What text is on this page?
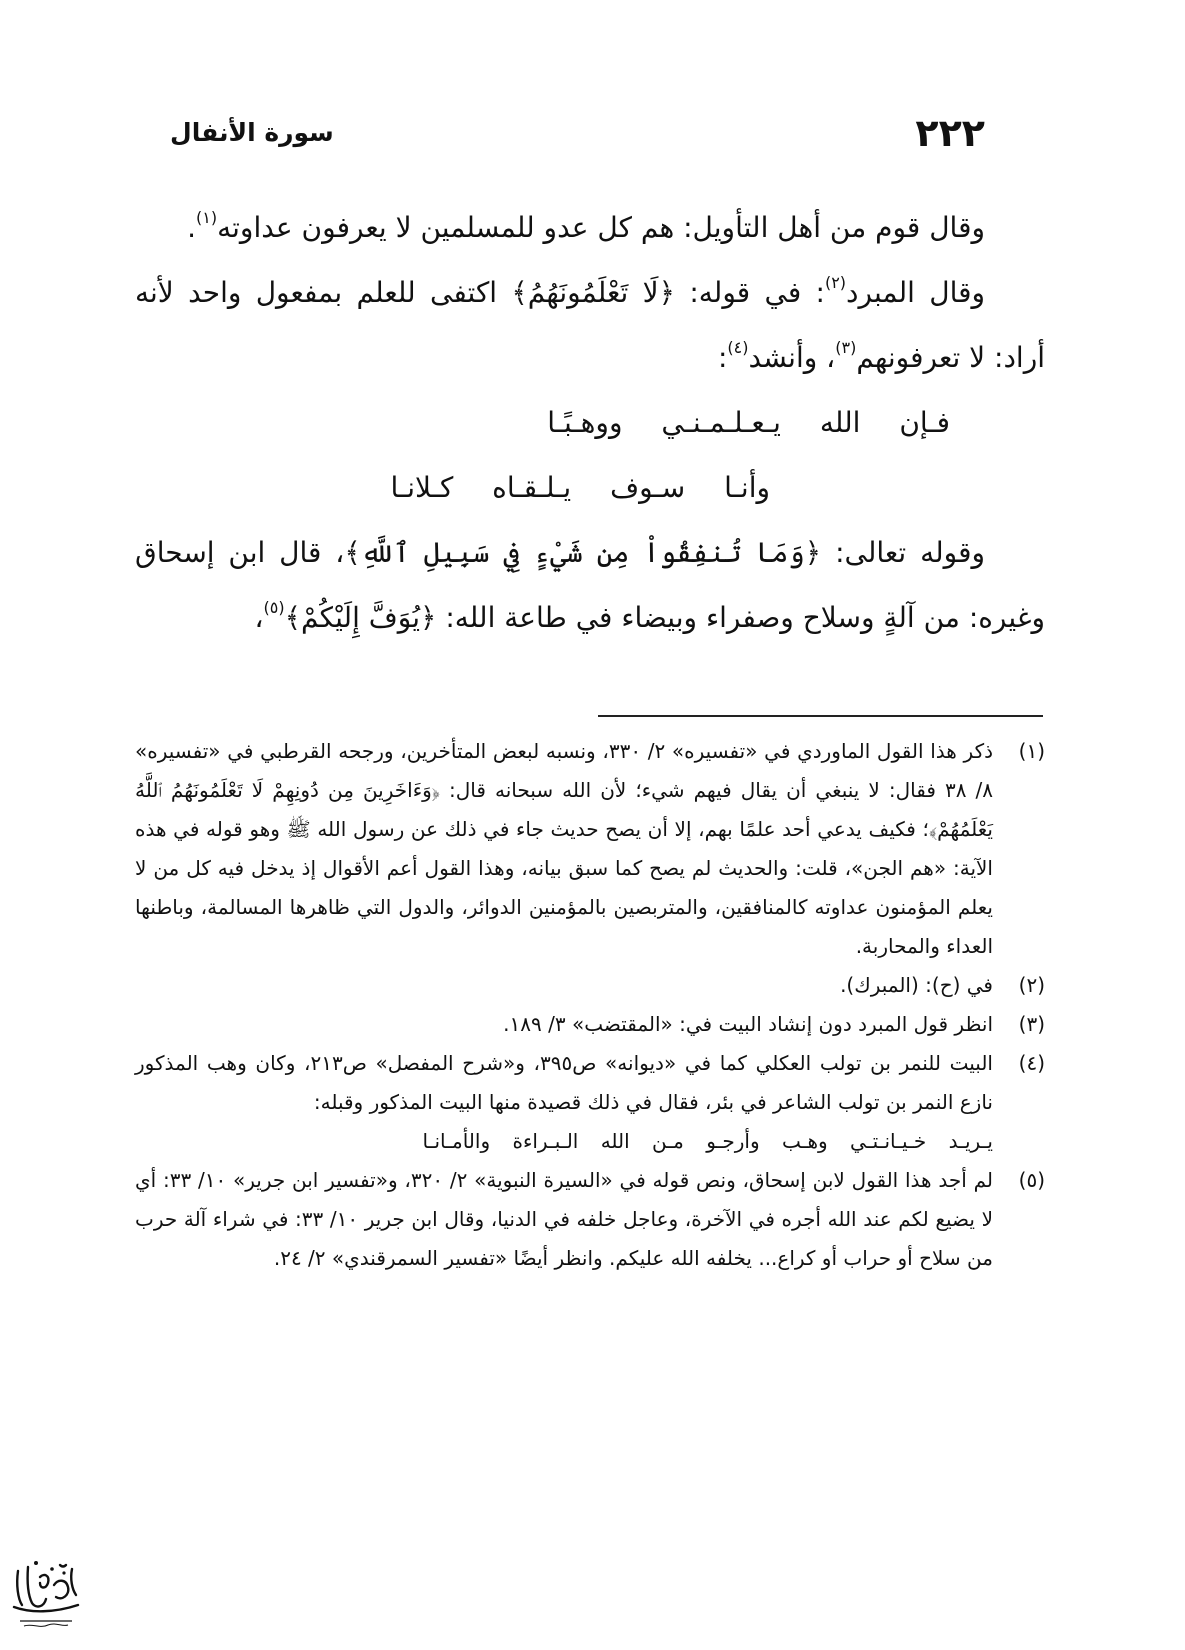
٢٢٢
سورة الأنفال

وقال قوم من أهل التأويل: هم كل عدو للمسلمين لا يعرفون عداوته$^{(١)}$.

وقال المبرد$^{(٢)}$: في قوله: ﴿لَا تَعْلَمُونَهُمُ﴾ اكتفى للعلم بمفعول واحد لأنه أراد: لا تعرفونهم$^{(٣)}$، وأنشد$^{(٤)}$:

فـإن الله يـعـلـمـنـي ووهـبًـا

وأنـا سـوف يـلـقـاه كـلانـا

وقوله تعالى: ﴿وَمَا تُنفِقُواْ مِن شَيْءٍ فِي سَبِيلِ ٱللَّهِ﴾، قال ابن إسحاق وغيره: من آلةٍ وسلاح وصفراء وبيضاء في طاعة الله: ﴿يُوَفَّ إِلَيْكُمْ﴾$^{(٥)}$،

(١)
ذكر هذا القول الماوردي في «تفسيره» ٢/ ٣٣٠، ونسبه لبعض المتأخرين، ورجحه القرطبي في «تفسيره» ٨/ ٣٨ فقال: لا ينبغي أن يقال فيهم شيء؛ لأن الله سبحانه قال: ﴿وَءَاخَرِينَ مِن دُونِهِمْ لَا تَعْلَمُونَهُمُ ٱللَّهُ يَعْلَمُهُمْ﴾؛ فكيف يدعي أحد علمًا بهم، إلا أن يصح حديث جاء في ذلك عن رسول الله ﷺ وهو قوله في هذه الآية: «هم الجن»، قلت: والحديث لم يصح كما سبق بيانه، وهذا القول أعم الأقوال إذ يدخل فيه كل من لا يعلم المؤمنون عداوته كالمنافقين، والمتربصين بالمؤمنين الدوائر، والدول التي ظاهرها المسالمة، وباطنها العداء والمحاربة.
(٢)
في (ح): (المبرك).
(٣)
انظر قول المبرد دون إنشاد البيت في: «المقتضب» ٣/ ١٨٩.
(٤)
البيت للنمر بن تولب العكلي كما في «ديوانه» ص٣٩٥، و«شرح المفصل» ص٢١٣، وكان وهب المذكور نازع النمر بن تولب الشاعر في بئر، فقال في ذلك قصيدة منها البيت المذكور وقبله:

يـريـد خـيـانـتـي وهـب وأرجـو مـن الله الـبـراءة والأمـانـا

(٥)
لم أجد هذا القول لابن إسحاق، ونص قوله في «السيرة النبوية» ٢/ ٣٢٠، و«تفسير ابن جرير» ١٠/ ٣٣: أي لا يضيع لكم عند الله أجره في الآخرة، وعاجل خلفه في الدنيا، وقال ابن جرير ١٠/ ٣٣: في شراء آلة حرب من سلاح أو حراب أو كراع... يخلفه الله عليكم. وانظر أيضًا «تفسير السمرقندي» ٢/ ٢٤.
